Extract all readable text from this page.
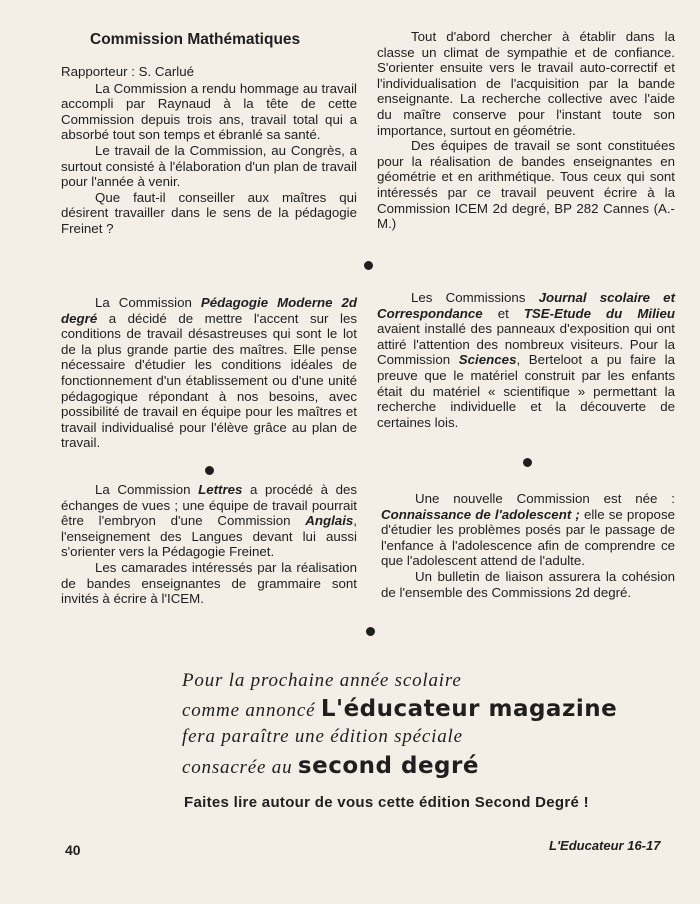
Commission Mathématiques

Rapporteur : S. Carlué

La Commission a rendu hommage au travail accompli par Raynaud à la tête de cette Commission depuis trois ans, travail total qui a absorbé tout son temps et ébranlé sa santé.

Le travail de la Commission, au Congrès, a surtout consisté à l'élaboration d'un plan de travail pour l'année à venir.

Que faut-il conseiller aux maîtres qui désirent travailler dans le sens de la pédagogie Freinet ?

Tout d'abord chercher à établir dans la classe un climat de sympathie et de confiance. S'orienter ensuite vers le travail auto-correctif et l'individualisation de l'acquisition par la bande enseignante. La recherche collective avec l'aide du maître conserve pour l'instant toute son importance, surtout en géométrie.

Des équipes de travail se sont constituées pour la réalisation de bandes enseignantes en géométrie et en arithmétique. Tous ceux qui sont intéressés par ce travail peuvent écrire à la Commission ICEM 2d degré, BP 282 Cannes (A.-M.)

La Commission Pédagogie Moderne 2d degré a décidé de mettre l'accent sur les conditions de travail désastreuses qui sont le lot de la plus grande partie des maîtres. Elle pense nécessaire d'étudier les conditions idéales de fonctionnement d'un établissement ou d'une unité pédagogique répondant à nos besoins, avec possibilité de travail en équipe pour les maîtres et travail individualisé pour l'élève grâce au plan de travail.

Les Commissions Journal scolaire et Correspondance et TSE-Etude du Milieu avaient installé des panneaux d'exposition qui ont attiré l'attention des nombreux visiteurs. Pour la Commission Sciences, Berteloot a pu faire la preuve que le matériel construit par les enfants était du matériel « scientifique » permettant la recherche individuelle et la découverte de certaines lois.

La Commission Lettres a procédé à des échanges de vues ; une équipe de travail pourrait être l'embryon d'une Commission Anglais, l'enseignement des Langues devant lui aussi s'orienter vers la Pédagogie Freinet.

Les camarades intéressés par la réalisation de bandes enseignantes de grammaire sont invités à écrire à l'ICEM.

Une nouvelle Commission est née : Connaissance de l'adolescent ; elle se propose d'étudier les problèmes posés par le passage de l'enfance à l'adolescence afin de comprendre ce que l'adolescent attend de l'adulte.

Un bulletin de liaison assurera la cohésion de l'ensemble des Commissions 2d degré.

Pour la prochaine année scolaire
comme annoncé L'éducateur magazine
fera paraître une édition spéciale
consacrée au second degré
Faites lire autour de vous cette édition Second Degré !
40	L'Educateur 16-17
